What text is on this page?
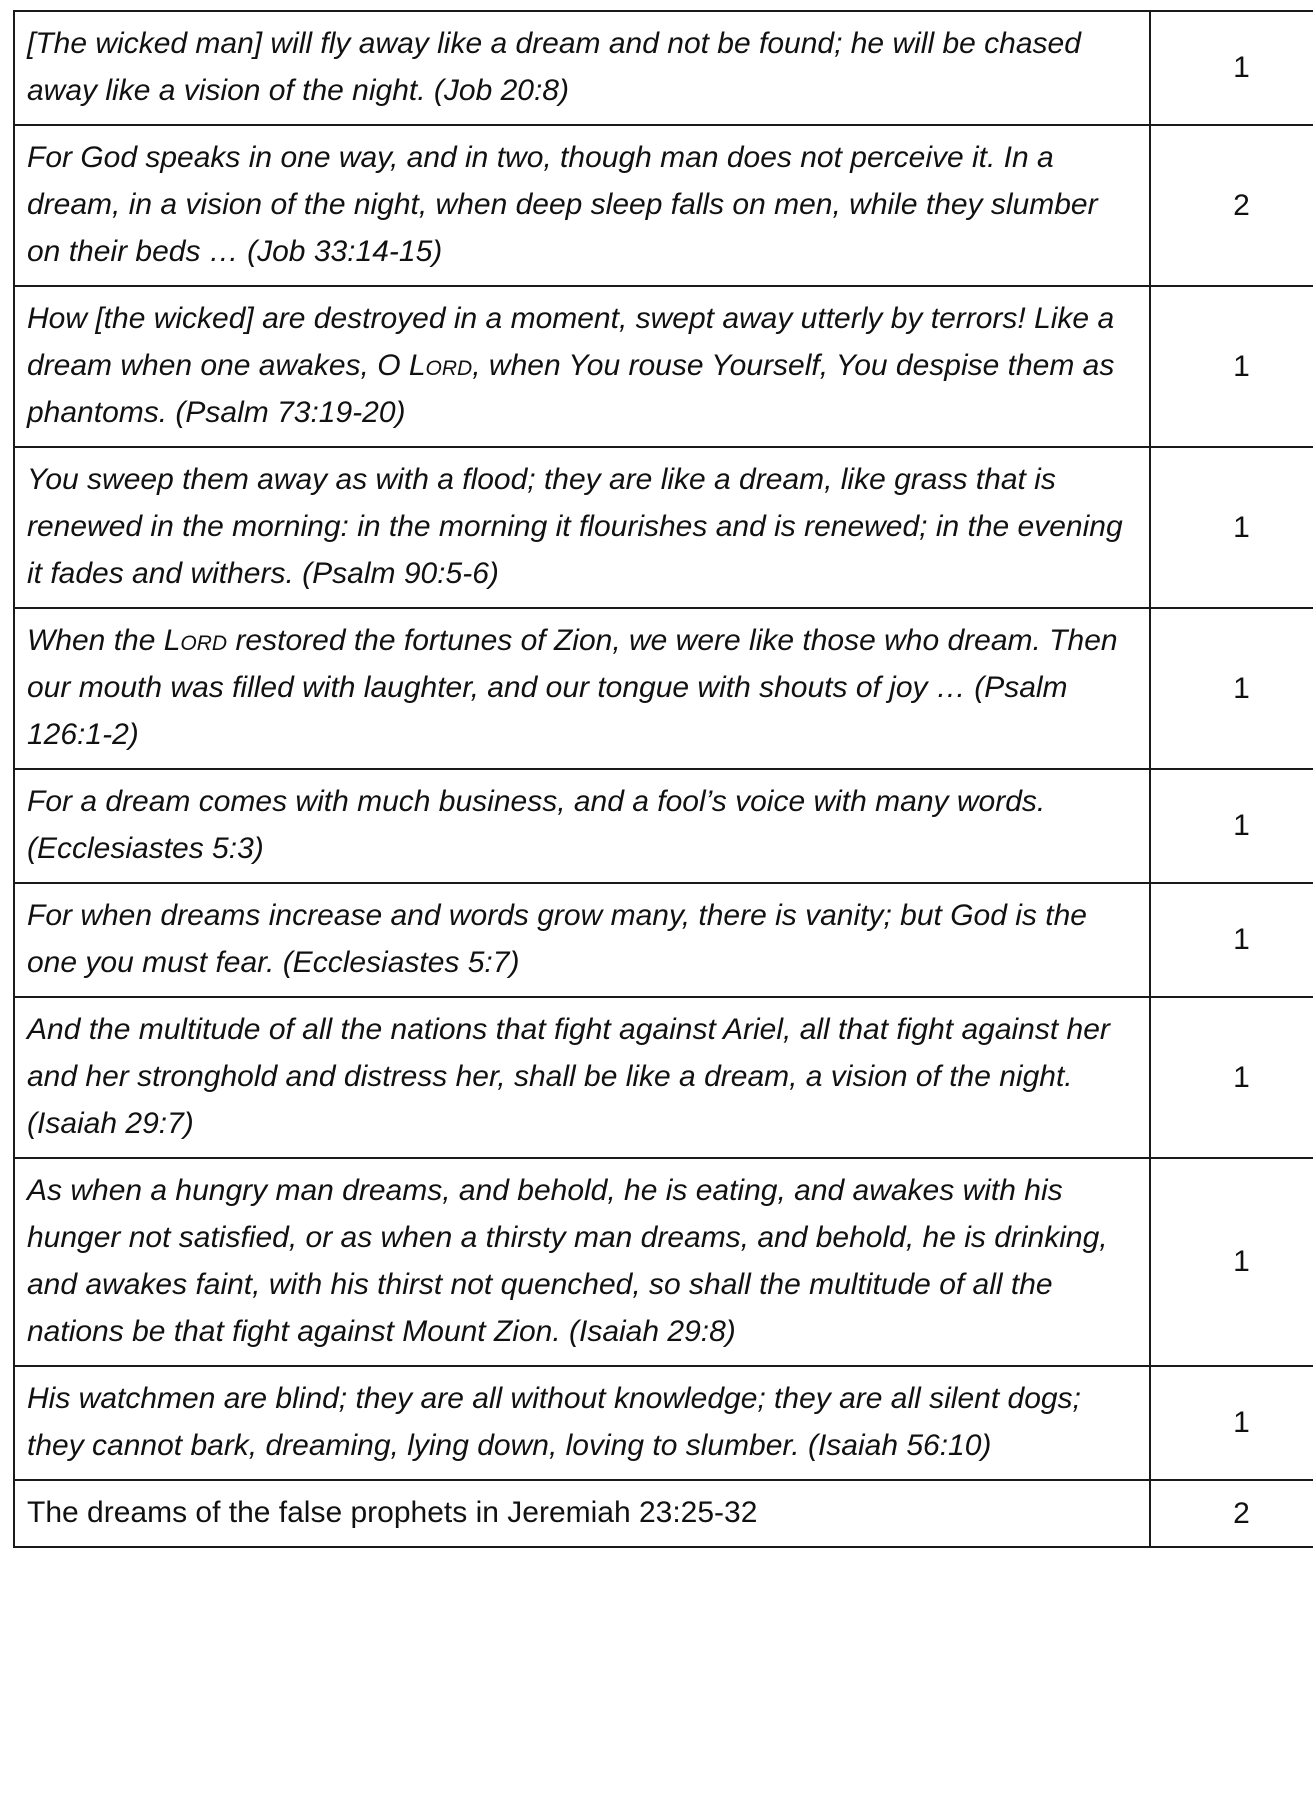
[The wicked man] will fly away like a dream and not be found; he will be chased away like a vision of the night. (Job 20:8)	1
For God speaks in one way, and in two, though man does not perceive it. In a dream, in a vision of the night, when deep sleep falls on men, while they slumber on their beds … (Job 33:14-15)	2
How [the wicked] are destroyed in a moment, swept away utterly by terrors! Like a dream when one awakes, O Lord, when You rouse Yourself, You despise them as phantoms. (Psalm 73:19-20)	1
You sweep them away as with a flood; they are like a dream, like grass that is renewed in the morning: in the morning it flourishes and is renewed; in the evening it fades and withers. (Psalm 90:5-6)	1
When the Lord restored the fortunes of Zion, we were like those who dream. Then our mouth was filled with laughter, and our tongue with shouts of joy … (Psalm 126:1-2)	1
For a dream comes with much business, and a fool’s voice with many words. (Ecclesiastes 5:3)	1
For when dreams increase and words grow many, there is vanity; but God is the one you must fear. (Ecclesiastes 5:7)	1
And the multitude of all the nations that fight against Ariel, all that fight against her and her stronghold and distress her, shall be like a dream, a vision of the night. (Isaiah 29:7)	1
As when a hungry man dreams, and behold, he is eating, and awakes with his hunger not satisfied, or as when a thirsty man dreams, and behold, he is drinking, and awakes faint, with his thirst not quenched, so shall the multitude of all the nations be that fight against Mount Zion. (Isaiah 29:8)	1
His watchmen are blind; they are all without knowledge; they are all silent dogs; they cannot bark, dreaming, lying down, loving to slumber. (Isaiah 56:10)	1
The dreams of the false prophets in Jeremiah 23:25-32	2
